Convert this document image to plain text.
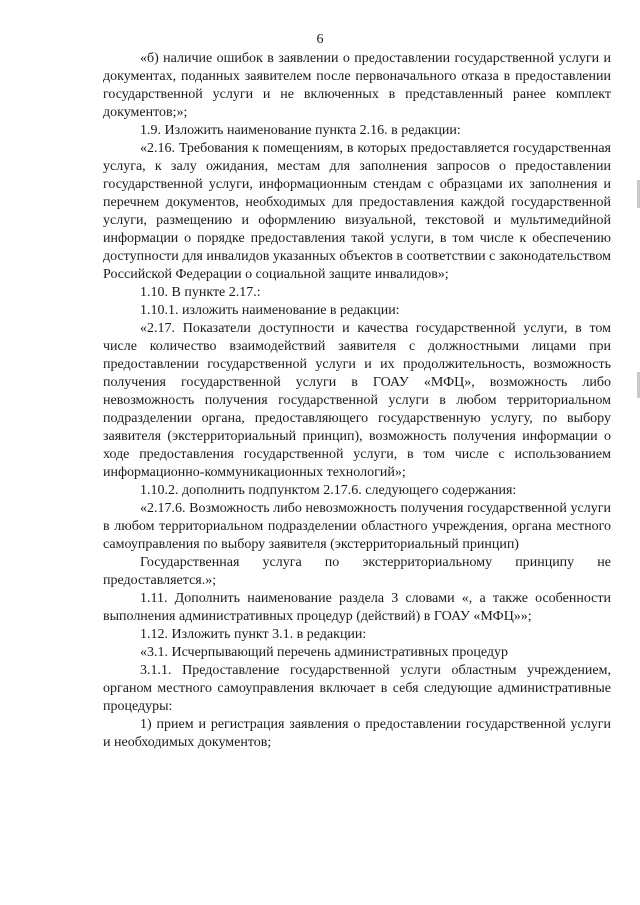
6

«б) наличие ошибок в заявлении о предоставлении государственной услуги и документах, поданных заявителем после первоначального отказа в предоставлении государственной услуги и не включенных в представленный ранее комплект документов;»;

1.9. Изложить наименование пункта 2.16. в редакции:

«2.16. Требования к помещениям, в которых предоставляется государственная услуга, к залу ожидания, местам для заполнения запросов о предоставлении государственной услуги, информационным стендам с образцами их заполнения и перечнем документов, необходимых для предоставления каждой государственной услуги, размещению и оформлению визуальной, текстовой и мультимедийной информации о порядке предоставления такой услуги, в том числе к обеспечению доступности для инвалидов указанных объектов в соответствии с законодательством Российской Федерации о социальной защите инвалидов»;

1.10. В пункте 2.17.:

1.10.1. изложить наименование в редакции:

«2.17. Показатели доступности и качества государственной услуги, в том числе количество взаимодействий заявителя с должностными лицами при предоставлении государственной услуги и их продолжительность, возможность получения государственной услуги в ГОАУ «МФЦ», возможность либо невозможность получения государственной услуги в любом территориальном подразделении органа, предоставляющего государственную услугу, по выбору заявителя (экстерриториальный принцип), возможность получения информации о ходе предоставления государственной услуги, в том числе с использованием информационно-коммуникационных технологий»;

1.10.2. дополнить подпунктом 2.17.6. следующего содержания:

«2.17.6. Возможность либо невозможность получения государственной услуги в любом территориальном подразделении областного учреждения, органа местного самоуправления по выбору заявителя (экстерриториальный принцип)

Государственная услуга по экстерриториальному принципу не предоставляется.»;

1.11. Дополнить наименование раздела 3 словами «, а также особенности выполнения административных процедур (действий) в ГОАУ «МФЦ»»;

1.12. Изложить пункт 3.1. в редакции:

«3.1. Исчерпывающий перечень административных процедур

3.1.1. Предоставление государственной услуги областным учреждением, органом местного самоуправления включает в себя следующие административные процедуры:

1) прием и регистрация заявления о предоставлении государственной услуги и необходимых документов;
